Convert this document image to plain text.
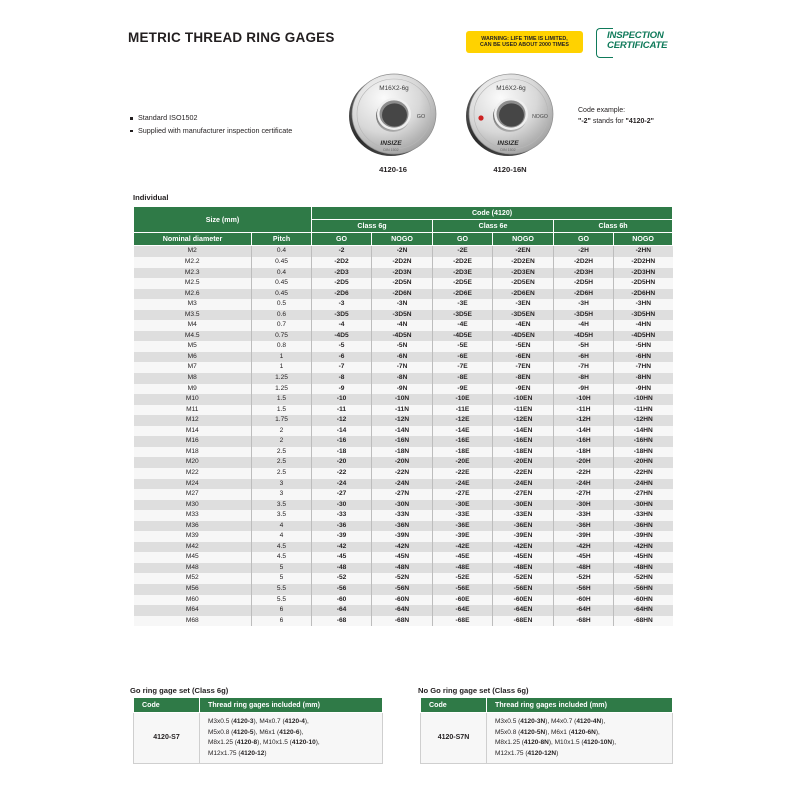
METRIC THREAD RING GAGES	WARNING: LIFE TIME IS LIMITED,
CAN BE USED ABOUT 2000 TIMES
INSPECTION
CERTIFICATE
Standard ISO1502
Supplied with manufacturer inspection certificate
M16X2-6g
GO
INSIZE
DIN 1502
4120-16
M16X2-6g
NOGO
INSIZE
DIN 1502
4120-16N
Code example:
"-2" stands for "4120-2"
Individual
Go ring gage set (Class 6g)	No Go ring gage set (Class 6g)
Size (mm)		Code (4120)					
		Class 6g		Class 6e		Class 6h	
Nominal diameter	Pitch	GO	NOGO	GO	NOGO	GO	NOGO
M2	0.4	-2	-2N	-2E	-2EN	-2H	-2HN
M2.2	0.45	-2D2	-2D2N	-2D2E	-2D2EN	-2D2H	-2D2HN
M2.3	0.4	-2D3	-2D3N	-2D3E	-2D3EN	-2D3H	-2D3HN
M2.5	0.45	-2D5	-2D5N	-2D5E	-2D5EN	-2D5H	-2D5HN
M2.6	0.45	-2D6	-2D6N	-2D6E	-2D6EN	-2D6H	-2D6HN
M3	0.5	-3	-3N	-3E	-3EN	-3H	-3HN
M3.5	0.6	-3D5	-3D5N	-3D5E	-3D5EN	-3D5H	-3D5HN
M4	0.7	-4	-4N	-4E	-4EN	-4H	-4HN
M4.5	0.75	-4D5	-4D5N	-4D5E	-4D5EN	-4D5H	-4D5HN
M5	0.8	-5	-5N	-5E	-5EN	-5H	-5HN
M6	1	-6	-6N	-6E	-6EN	-6H	-6HN
M7	1	-7	-7N	-7E	-7EN	-7H	-7HN
M8	1.25	-8	-8N	-8E	-8EN	-8H	-8HN
M9	1.25	-9	-9N	-9E	-9EN	-9H	-9HN
M10	1.5	-10	-10N	-10E	-10EN	-10H	-10HN
M11	1.5	-11	-11N	-11E	-11EN	-11H	-11HN
M12	1.75	-12	-12N	-12E	-12EN	-12H	-12HN
M14	2	-14	-14N	-14E	-14EN	-14H	-14HN
M16	2	-16	-16N	-16E	-16EN	-16H	-16HN
M18	2.5	-18	-18N	-18E	-18EN	-18H	-18HN
M20	2.5	-20	-20N	-20E	-20EN	-20H	-20HN
M22	2.5	-22	-22N	-22E	-22EN	-22H	-22HN
M24	3	-24	-24N	-24E	-24EN	-24H	-24HN
M27	3	-27	-27N	-27E	-27EN	-27H	-27HN
M30	3.5	-30	-30N	-30E	-30EN	-30H	-30HN
M33	3.5	-33	-33N	-33E	-33EN	-33H	-33HN
M36	4	-36	-36N	-36E	-36EN	-36H	-36HN
M39	4	-39	-39N	-39E	-39EN	-39H	-39HN
M42	4.5	-42	-42N	-42E	-42EN	-42H	-42HN
M45	4.5	-45	-45N	-45E	-45EN	-45H	-45HN
M48	5	-48	-48N	-48E	-48EN	-48H	-48HN
M52	5	-52	-52N	-52E	-52EN	-52H	-52HN
M56	5.5	-56	-56N	-56E	-56EN	-56H	-56HN
M60	5.5	-60	-60N	-60E	-60EN	-60H	-60HN
M64	6	-64	-64N	-64E	-64EN	-64H	-64HN
M68	6	-68	-68N	-68E	-68EN	-68H	-68HN
Code	Thread ring gages included (mm)
4120-S7	M3x0.5 (4120-3), M4x0.7 (4120-4),
M5x0.8 (4120-5), M6x1 (4120-6),
M8x1.25 (4120-8), M10x1.5 (4120-10),
M12x1.75 (4120-12)
Code	Thread ring gages included (mm)
4120-S7N	M3x0.5 (4120-3N), M4x0.7 (4120-4N),
M5x0.8 (4120-5N), M6x1 (4120-6N),
M8x1.25 (4120-8N), M10x1.5 (4120-10N),
M12x1.75 (4120-12N)
